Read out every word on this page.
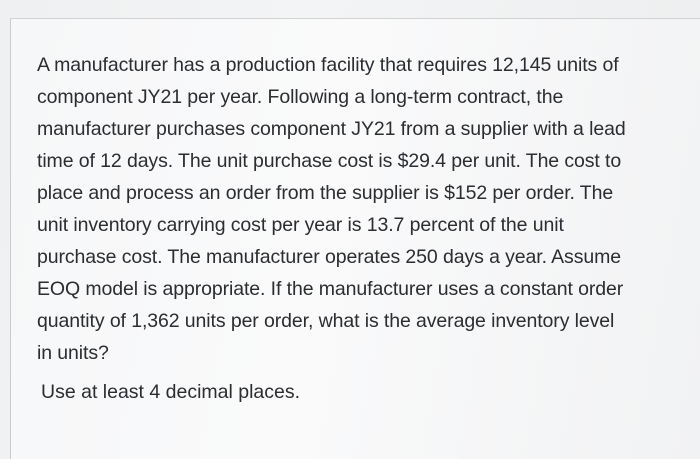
A manufacturer has a production facility that requires 12,145 units of
component JY21 per year. Following a long-term contract, the
manufacturer purchases component JY21 from a supplier with a lead
time of 12 days. The unit purchase cost is $29.4 per unit. The cost to
place and process an order from the supplier is $152 per order. The
unit inventory carrying cost per year is 13.7 percent of the unit
purchase cost. The manufacturer operates 250 days a year. Assume
EOQ model is appropriate. If the manufacturer uses a constant order
quantity of 1,362 units per order, what is the average inventory level
in units?
Use at least 4 decimal places.
